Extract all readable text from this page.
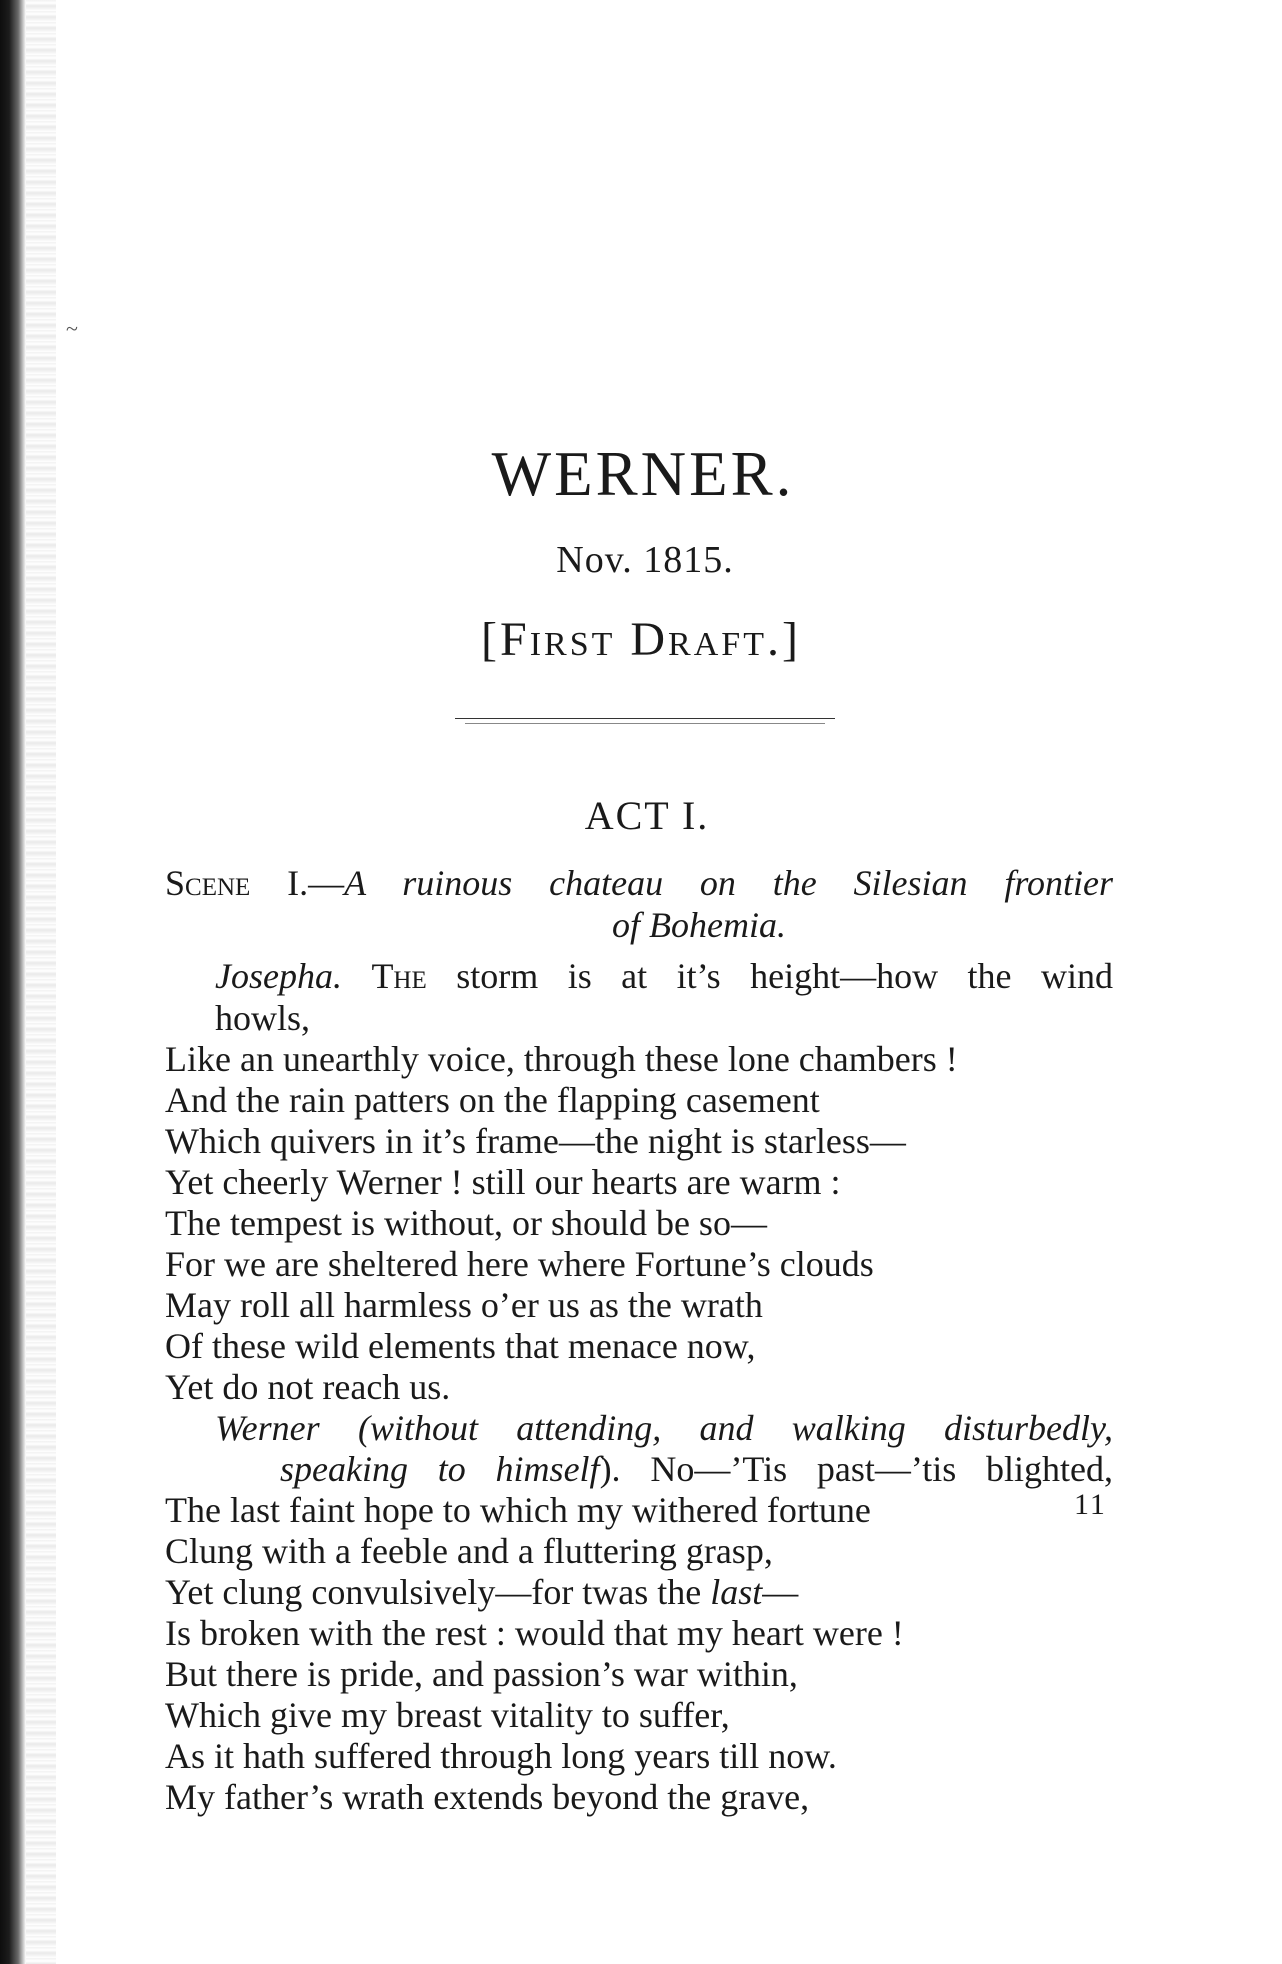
~
WERNER.
Nov. 1815.
[First Draft.]
ACT I.
Scene I.—A ruinous chateau on the Silesian frontier
of Bohemia.
Josepha. The storm is at it’s height—how the wind
howls,
Like an unearthly voice, through these lone chambers !
And the rain patters on the flapping casement
Which quivers in it’s frame—the night is starless—
Yet cheerly Werner ! still our hearts are warm :
The tempest is without, or should be so—
For we are sheltered here where Fortune’s clouds
May roll all harmless o’er us as the wrath
Of these wild elements that menace now,
Yet do not reach us.
Werner (without attending, and walking disturbedly,
speaking to himself). No—’Tis past—’tis blighted,
The last faint hope to which my withered fortune	11
Clung with a feeble and a fluttering grasp,
Yet clung convulsively—for twas the last—
Is broken with the rest : would that my heart were !
But there is pride, and passion’s war within,
Which give my breast vitality to suffer,
As it hath suffered through long years till now.
My father’s wrath extends beyond the grave,
